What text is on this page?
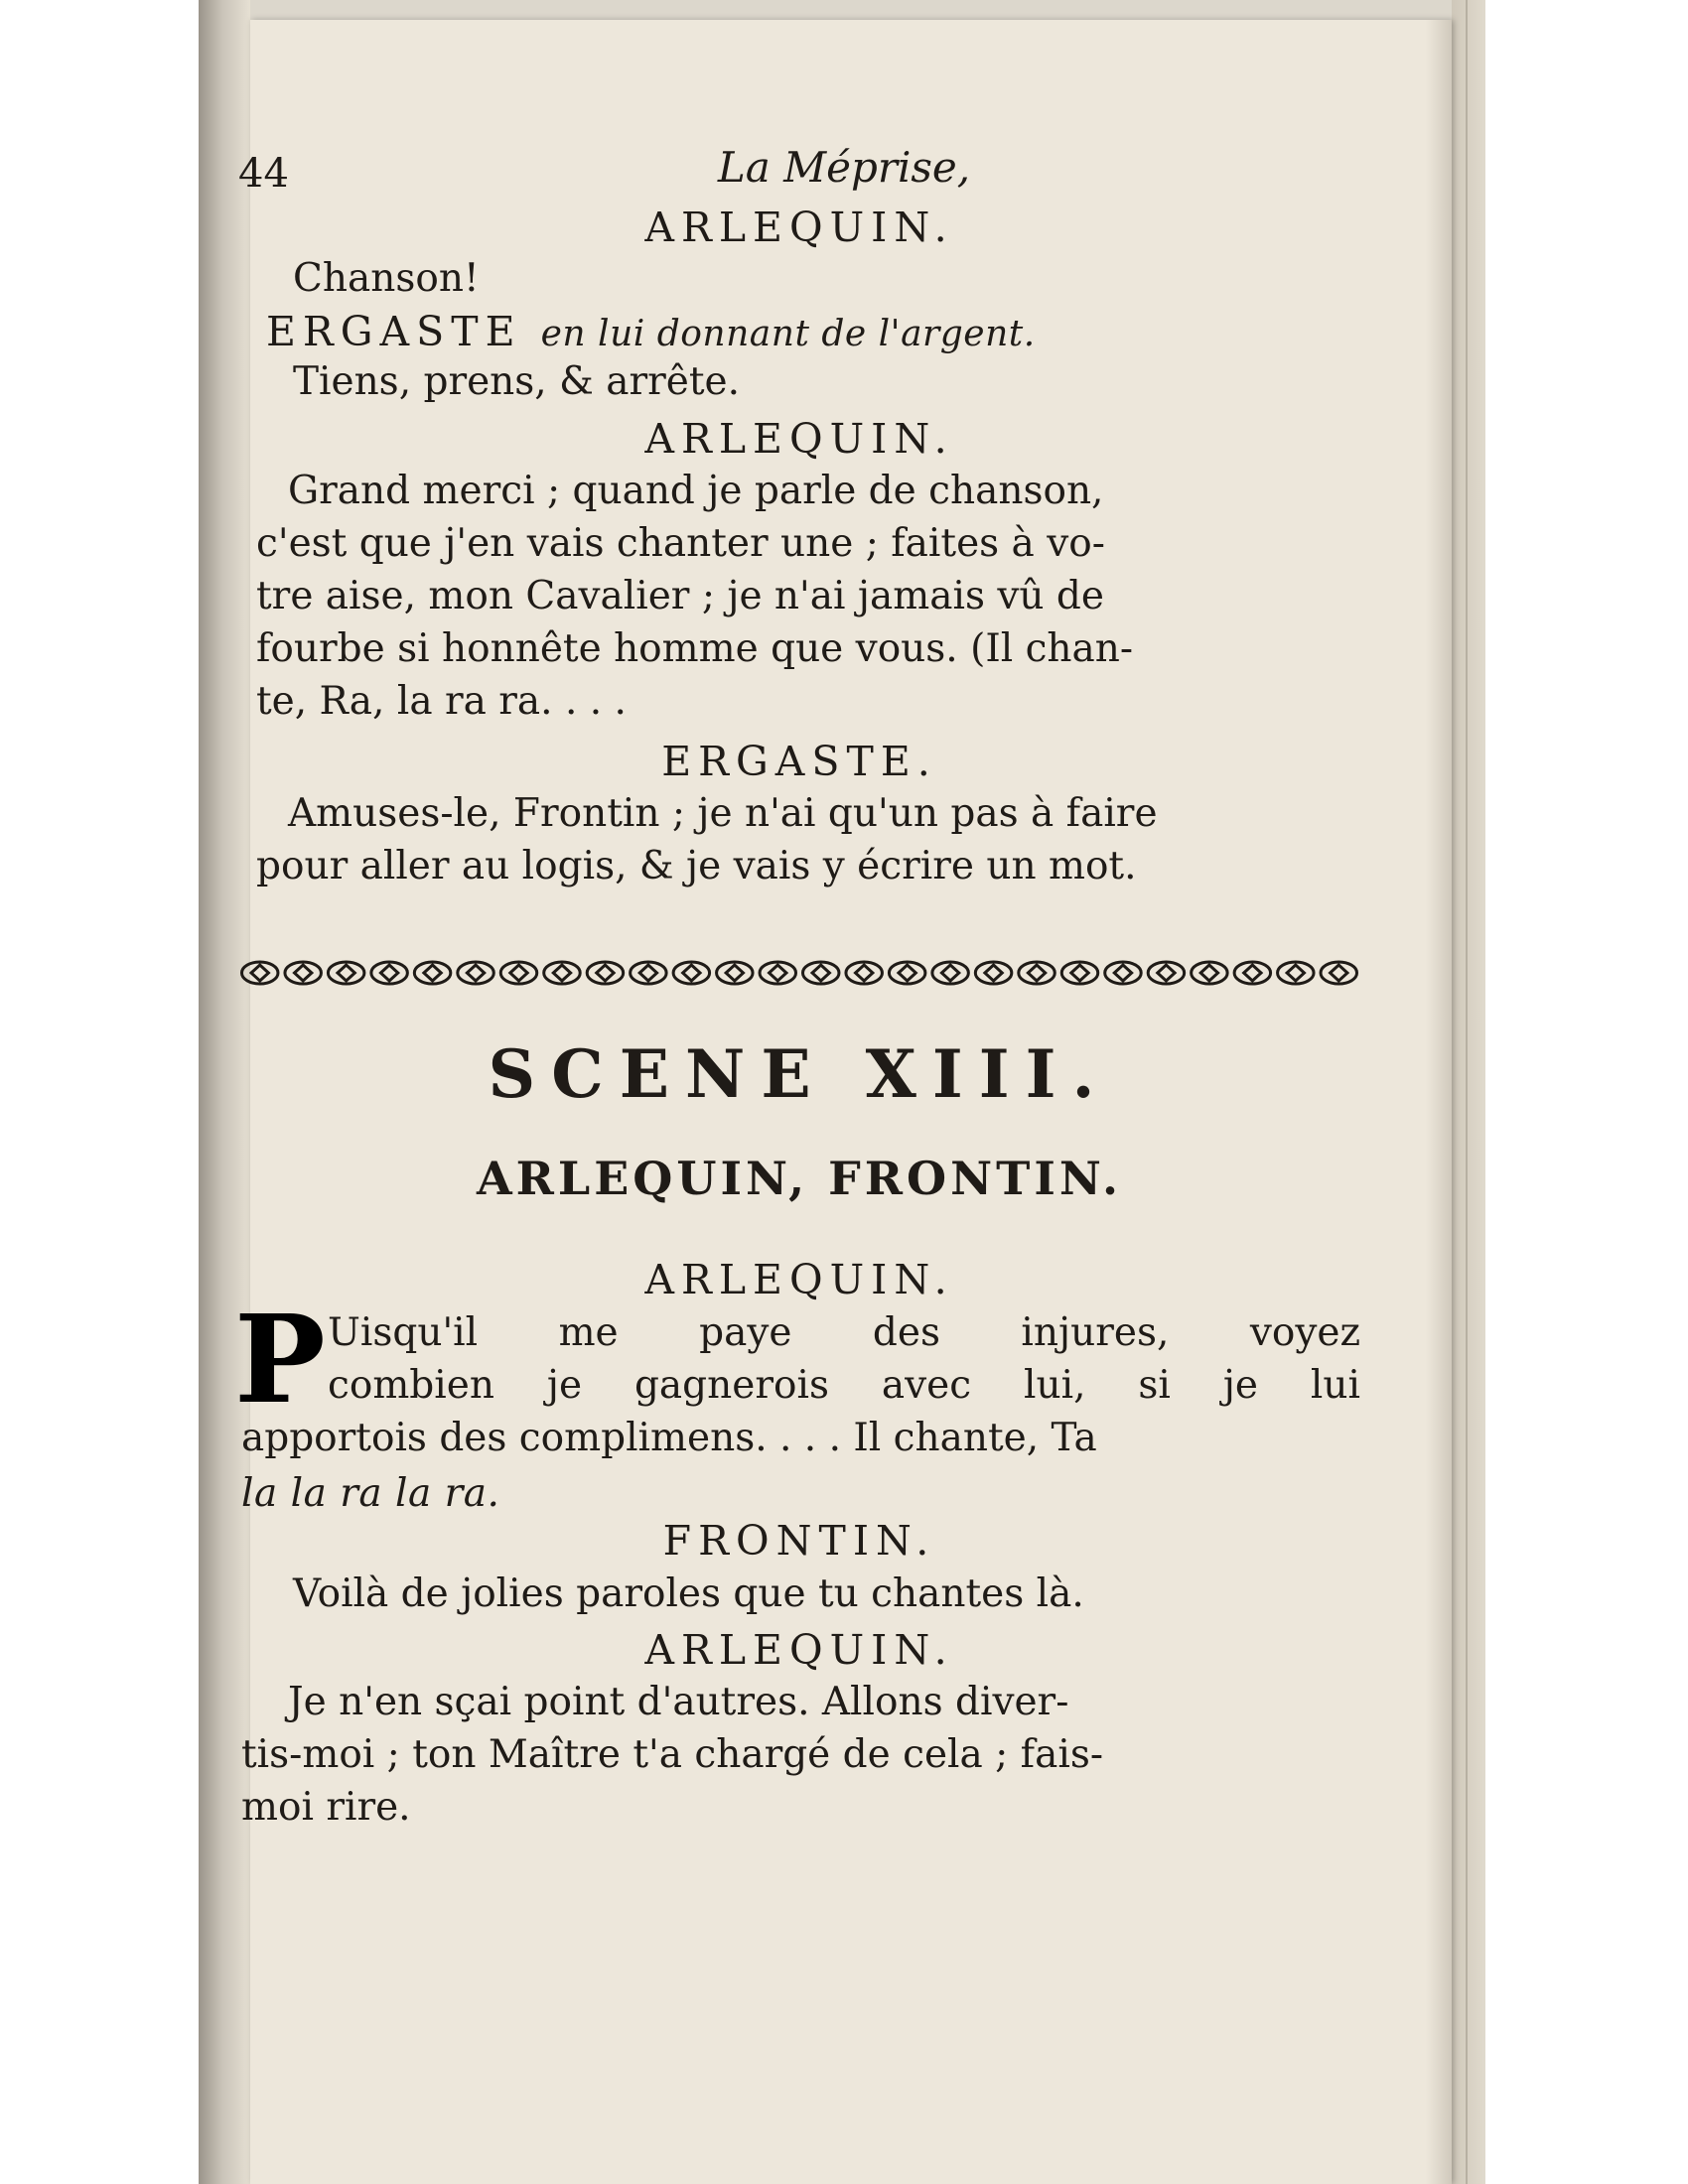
44	La Méprise,
ARLEQUIN.
Chanson!
ERGASTE en lui donnant de l'argent.
Tiens, prens, & arrête.
ARLEQUIN.
Grand merci ; quand je parle de chanson,
c'est que j'en vais chanter une ; faites à vo-
tre aise, mon Cavalier ; je n'ai jamais vû de
fourbe si honnête homme que vous. (Il chan-
te, Ra, la ra ra. . . .
ERGASTE.
Amuses-le, Frontin ; je n'ai qu'un pas à faire
pour aller au logis, & je vais y écrire un mot.
SCENE XIII.
ARLEQUIN, FRONTIN.
ARLEQUIN.
P Uisqu'il me paye des injures, voyez
combien je gagnerois avec lui, si je lui
apportois des complimens. . . . Il chante, Ta
la la ra la ra.
FRONTIN.
Voilà de jolies paroles que tu chantes là.
ARLEQUIN.
Je n'en sçai point d'autres. Allons diver-
tis-moi ; ton Maître t'a chargé de cela ; fais-
moi rire.
